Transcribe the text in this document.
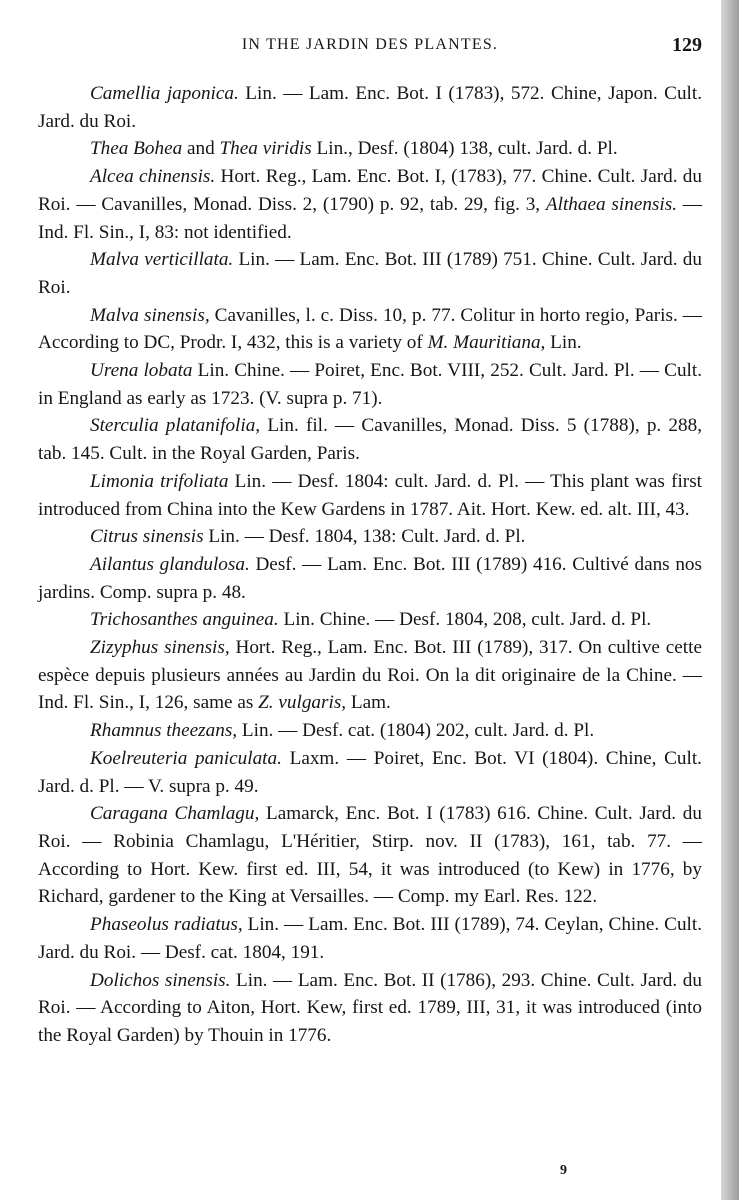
IN THE JARDIN DES PLANTES.	129

Camellia japonica. Lin. — Lam. Enc. Bot. I (1783), 572. Chine, Japon. Cult. Jard. du Roi.

Thea Bohea and Thea viridis Lin., Desf. (1804) 138, cult. Jard. d. Pl.

Alcea chinensis. Hort. Reg., Lam. Enc. Bot. I, (1783), 77. Chine. Cult. Jard. du Roi. — Cavanilles, Monad. Diss. 2, (1790) p. 92, tab. 29, fig. 3, Althaea sinensis. — Ind. Fl. Sin., I, 83: not identified.

Malva verticillata. Lin. — Lam. Enc. Bot. III (1789) 751. Chine. Cult. Jard. du Roi.

Malva sinensis, Cavanilles, l. c. Diss. 10, p. 77. Colitur in horto regio, Paris. — According to DC, Prodr. I, 432, this is a variety of M. Mauritiana, Lin.

Urena lobata Lin. Chine. — Poiret, Enc. Bot. VIII, 252. Cult. Jard. Pl. — Cult. in England as early as 1723. (V. supra p. 71).

Sterculia platanifolia, Lin. fil. — Cavanilles, Monad. Diss. 5 (1788), p. 288, tab. 145. Cult. in the Royal Garden, Paris.

Limonia trifoliata Lin. — Desf. 1804: cult. Jard. d. Pl. — This plant was first introduced from China into the Kew Gardens in 1787. Ait. Hort. Kew. ed. alt. III, 43.

Citrus sinensis Lin. — Desf. 1804, 138: Cult. Jard. d. Pl.

Ailantus glandulosa. Desf. — Lam. Enc. Bot. III (1789) 416. Cultivé dans nos jardins. Comp. supra p. 48.

Trichosanthes anguinea. Lin. Chine. — Desf. 1804, 208, cult. Jard. d. Pl.

Zizyphus sinensis, Hort. Reg., Lam. Enc. Bot. III (1789), 317. On cultive cette espèce depuis plusieurs années au Jardin du Roi. On la dit originaire de la Chine. — Ind. Fl. Sin., I, 126, same as Z. vulgaris, Lam.

Rhamnus theezans, Lin. — Desf. cat. (1804) 202, cult. Jard. d. Pl.

Koelreuteria paniculata. Laxm. — Poiret, Enc. Bot. VI (1804). Chine, Cult. Jard. d. Pl. — V. supra p. 49.

Caragana Chamlagu, Lamarck, Enc. Bot. I (1783) 616. Chine. Cult. Jard. du Roi. — Robinia Chamlagu, L'Héritier, Stirp. nov. II (1783), 161, tab. 77. — According to Hort. Kew. first ed. III, 54, it was introduced (to Kew) in 1776, by Richard, gardener to the King at Versailles. — Comp. my Earl. Res. 122.

Phaseolus radiatus, Lin. — Lam. Enc. Bot. III (1789), 74. Ceylan, Chine. Cult. Jard. du Roi. — Desf. cat. 1804, 191.

Dolichos sinensis. Lin. — Lam. Enc. Bot. II (1786), 293. Chine. Cult. Jard. du Roi. — According to Aiton, Hort. Kew, first ed. 1789, III, 31, it was introduced (into the Royal Garden) by Thouin in 1776.

9
